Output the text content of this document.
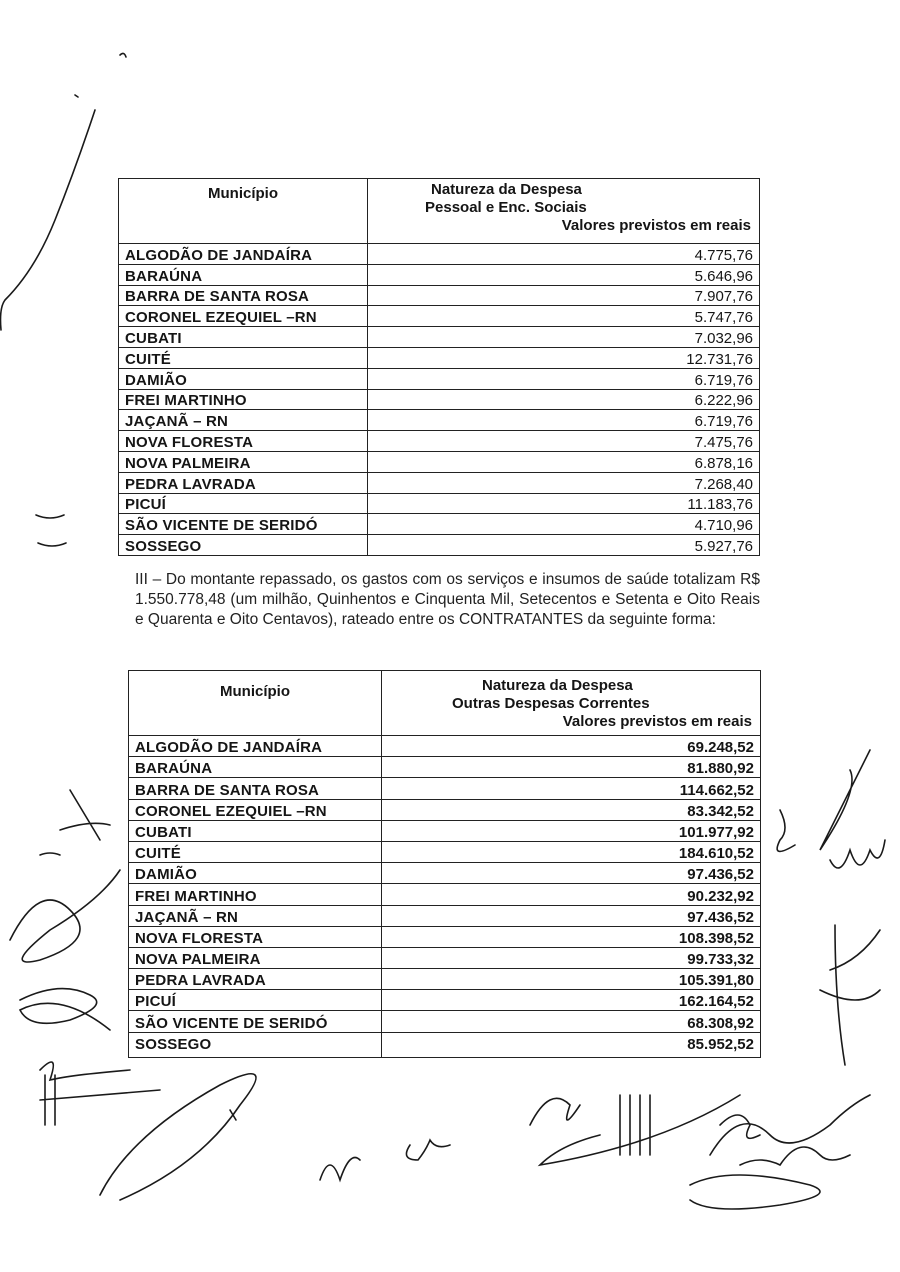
Município	Natureza da Despesa
Pessoal e Enc. Sociais
Valores previstos em reais
ALGODÃO DE JANDAÍRA	4.775,76
BARAÚNA	5.646,96
BARRA DE SANTA ROSA	7.907,76
CORONEL EZEQUIEL –RN	5.747,76
CUBATI	7.032,96
CUITÉ	12.731,76
DAMIÃO	6.719,76
FREI MARTINHO	6.222,96
JAÇANÃ – RN	6.719,76
NOVA FLORESTA	7.475,76
NOVA PALMEIRA	6.878,16
PEDRA LAVRADA	7.268,40
PICUÍ	11.183,76
SÃO VICENTE DE SERIDÓ	4.710,96
SOSSEGO	5.927,76
III – Do montante repassado, os gastos com os serviços e insumos de saúde totalizam R$ 1.550.778,48 (um milhão, Quinhentos e Cinquenta Mil, Setecentos e Setenta e Oito Reais e Quarenta e Oito Centavos), rateado entre os CONTRATANTES da seguinte forma:
Município	Natureza da Despesa
Outras Despesas Correntes
Valores previstos em reais
ALGODÃO DE JANDAÍRA	69.248,52
BARAÚNA	81.880,92
BARRA DE SANTA ROSA	114.662,52
CORONEL EZEQUIEL –RN	83.342,52
CUBATI	101.977,92
CUITÉ	184.610,52
DAMIÃO	97.436,52
FREI MARTINHO	90.232,92
JAÇANÃ – RN	97.436,52
NOVA FLORESTA	108.398,52
NOVA PALMEIRA	99.733,32
PEDRA LAVRADA	105.391,80
PICUÍ	162.164,52
SÃO VICENTE DE SERIDÓ	68.308,92
SOSSEGO	85.952,52
